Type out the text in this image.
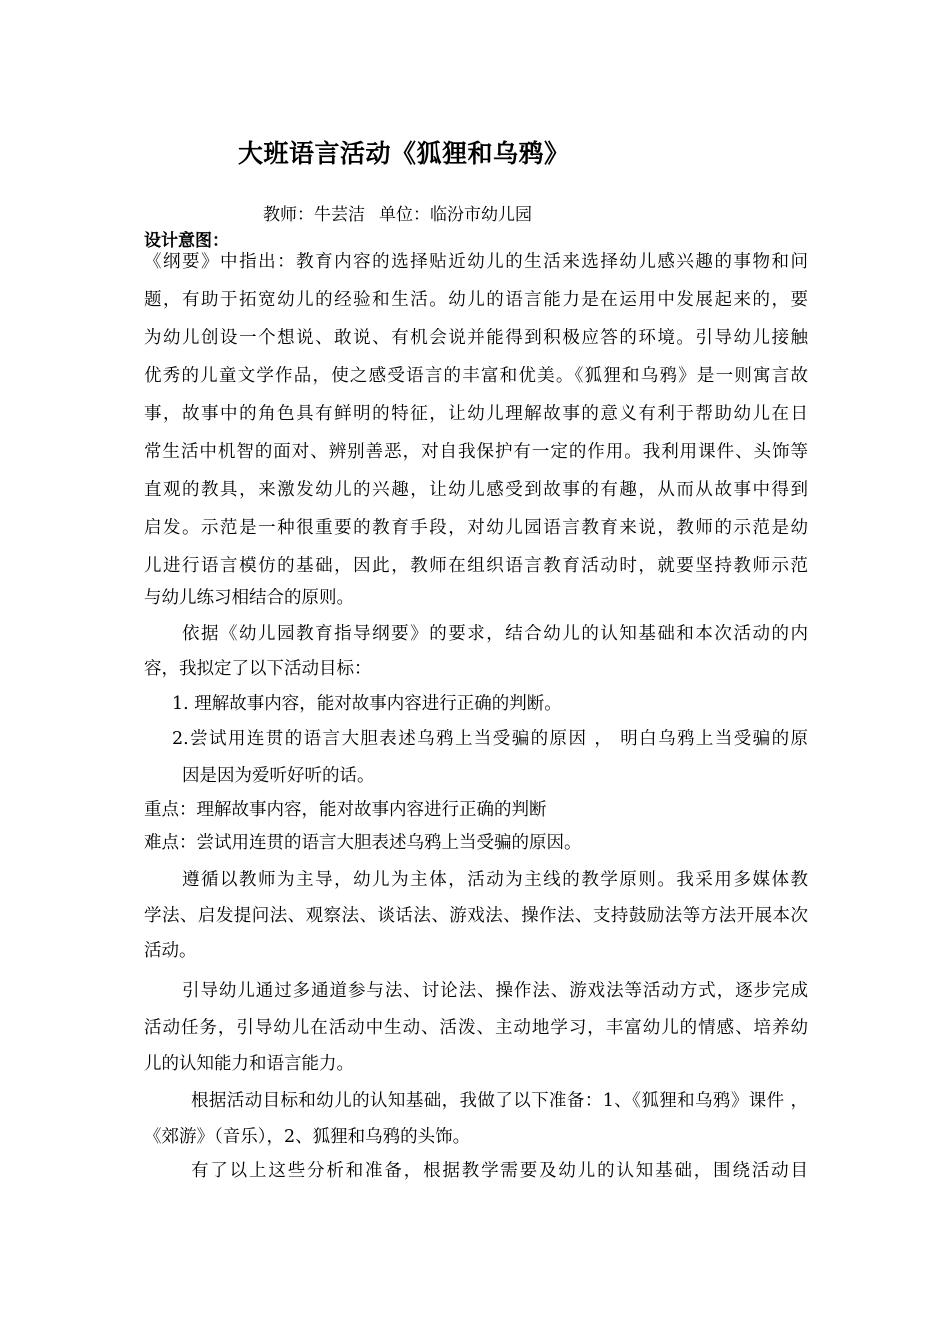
大班语言活动《狐狸和乌鸦》
教师：牛芸洁 单位：临汾市幼儿园
设计意图：
《纲要》中指出：教育内容的选择贴近幼儿的生活来选择幼儿感兴趣的事物和问
题，有助于拓宽幼儿的经验和生活。幼儿的语言能力是在运用中发展起来的，要
为幼儿创设一个想说、敢说、有机会说并能得到积极应答的环境。引导幼儿接触
优秀的儿童文学作品，使之感受语言的丰富和优美。《狐狸和乌鸦》是一则寓言故
事，故事中的角色具有鲜明的特征，让幼儿理解故事的意义有利于帮助幼儿在日
常生活中机智的面对、辨别善恶，对自我保护有一定的作用。我利用课件、头饰等
直观的教具，来激发幼儿的兴趣，让幼儿感受到故事的有趣，从而从故事中得到
启发。示范是一种很重要的教育手段，对幼儿园语言教育来说，教师的示范是幼
儿进行语言模仿的基础，因此，教师在组织语言教育活动时，就要坚持教师示范
与幼儿练习相结合的原则。
依据《幼儿园教育指导纲要》的要求，结合幼儿的认知基础和本次活动的内
容，我拟定了以下活动目标：
1. 理解故事内容，能对故事内容进行正确的判断。
2.尝试用连贯的语言大胆表述乌鸦上当受骗的原因 ， 明白乌鸦上当受骗的原
因是因为爱听好听的话。
重点：理解故事内容，能对故事内容进行正确的判断
难点：尝试用连贯的语言大胆表述乌鸦上当受骗的原因。
遵循以教师为主导，幼儿为主体，活动为主线的教学原则。我采用多媒体教
学法、启发提问法、观察法、谈话法、游戏法、操作法、支持鼓励法等方法开展本次
活动。
引导幼儿通过多通道参与法、讨论法、操作法、游戏法等活动方式，逐步完成
活动任务，引导幼儿在活动中生动、活泼、主动地学习，丰富幼儿的情感、培养幼
儿的认知能力和语言能力。
根据活动目标和幼儿的认知基础，我做了以下准备：1、《狐狸和乌鸦》课件 ，
《郊游》（音乐），2、狐狸和乌鸦的头饰。
有了以上这些分析和准备，根据教学需要及幼儿的认知基础，围绕活动目
